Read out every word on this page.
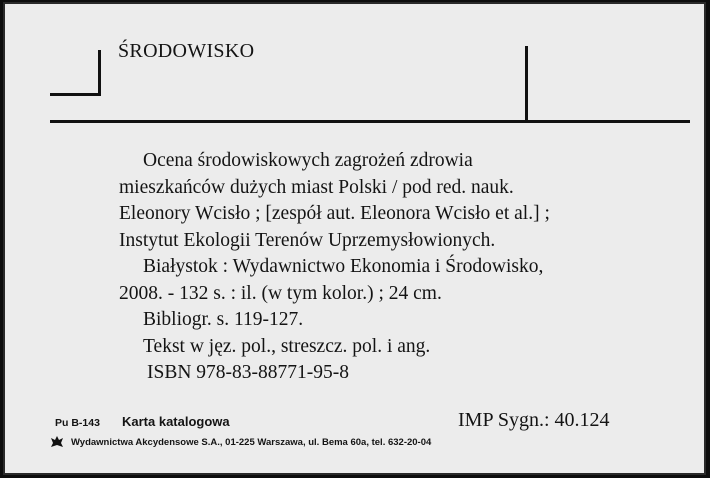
ŚRODOWISKO
Ocena środowiskowych zagrożeń zdrowia
mieszkańców dużych miast Polski / pod red. nauk.
Eleonory Wcisło ; [zespół aut. Eleonora Wcisło et al.] ;
Instytut Ekologii Terenów Uprzemysłowionych.
Białystok : Wydawnictwo Ekonomia i Środowisko,
2008. - 132 s. : il. (w tym kolor.) ; 24 cm.
Bibliogr. s. 119-127.
Tekst w jęz. pol., streszcz. pol. i ang.
ISBN 978-83-88771-95-8
Pu B-143 Karta katalogowa	IMP Sygn.: 40.124
Wydawnictwa Akcydensowe S.A., 01-225 Warszawa, ul. Bema 60a, tel. 632-20-04
